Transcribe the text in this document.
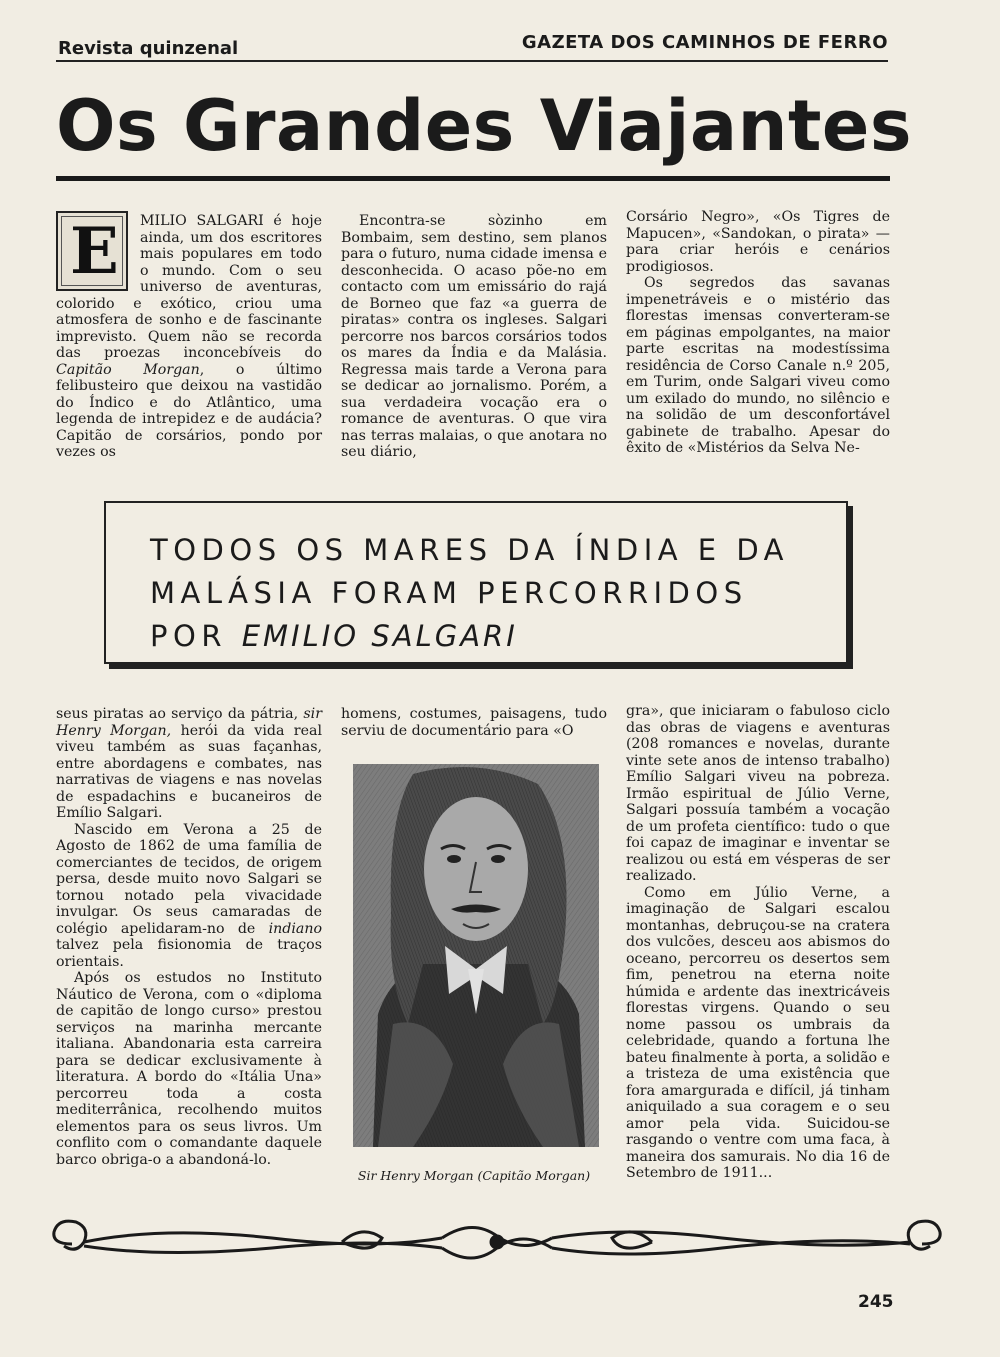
Revista quinzenal	GAZETA DOS CAMINHOS DE FERRO
Os Grandes Viajantes
E	MILIO SALGARI é hoje ainda, um dos escritores mais populares em todo o mundo. Com o seu universo de aventuras, colorido e exótico, criou uma atmosfera de sonho e de fascinante imprevisto. Quem não se recorda das proezas inconcebíveis do Capitão Morgan, o último felibusteiro que deixou na vastidão do Índico e do Atlântico, uma legenda de intrepidez e de audácia? Capitão de corsários, pondo por vezes os

Encontra-se sòzinho em Bombaim, sem destino, sem planos para o futuro, numa cidade imensa e desconhecida. O acaso põe-no em contacto com um emissário do rajá de Borneo que faz «a guerra de piratas» contra os ingleses. Salgari percorre nos barcos corsários todos os mares da Índia e da Malásia. Regressa mais tarde a Verona para se dedicar ao jornalismo. Porém, a sua verdadeira vocação era o romance de aventuras. O que vira nas terras malaias, o que anotara no seu diário,

Corsário Negro», «Os Tigres de Mapucen», «Sandokan, o pirata» — para criar heróis e cenários prodigiosos.

Os segredos das savanas impenetráveis e o mistério das florestas imensas converteram-se em páginas empolgantes, na maior parte escritas na modestíssima residência de Corso Canale n.º 205, em Turim, onde Salgari viveu como um exilado do mundo, no silêncio e na solidão de um desconfortável gabinete de trabalho. Apesar do êxito de «Mistérios da Selva Ne-

TODOS OS MARES DA ÍNDIA E DA MALÁSIA FORAM PERCORRIDOS POR EMILIO SALGARI

seus piratas ao serviço da pátria, sir Henry Morgan, herói da vida real viveu também as suas façanhas, entre abordagens e combates, nas narrativas de viagens e nas novelas de espadachins e bucaneiros de Emílio Salgari.

Nascido em Verona a 25 de Agosto de 1862 de uma família de comerciantes de tecidos, de origem persa, desde muito novo Salgari se tornou notado pela vivacidade invulgar. Os seus camaradas de colégio apelidaram-no de indiano talvez pela fisionomia de traços orientais.

Após os estudos no Instituto Náutico de Verona, com o «diploma de capitão de longo curso» prestou serviços na marinha mercante italiana. Abandonaria esta carreira para se dedicar exclusivamente à literatura. A bordo do «Itália Una» percorreu toda a costa mediterrânica, recolhendo muitos elementos para os seus livros. Um conflito com o comandante daquele barco obriga-o a abandoná-lo.

homens, costumes, paisagens, tudo serviu de documentário para «O

Sir Henry Morgan (Capitão Morgan)

gra», que iniciaram o fabuloso ciclo das obras de viagens e aventuras (208 romances e novelas, durante vinte sete anos de intenso trabalho) Emílio Salgari viveu na pobreza. Irmão espiritual de Júlio Verne, Salgari possuía também a vocação de um profeta científico: tudo o que foi capaz de imaginar e inventar se realizou ou está em vésperas de ser realizado.

Como em Júlio Verne, a imaginação de Salgari escalou montanhas, debruçou-se na cratera dos vulcões, desceu aos abismos do oceano, percorreu os desertos sem fim, penetrou na eterna noite húmida e ardente das inextricáveis florestas virgens. Quando o seu nome passou os umbrais da celebridade, quando a fortuna lhe bateu finalmente à porta, a solidão e a tristeza de uma existência que fora amargurada e difícil, já tinham aniquilado a sua coragem e o seu amor pela vida. Suicidou-se rasgando o ventre com uma faca, à maneira dos samurais. No dia 16 de Setembro de 1911...

245
